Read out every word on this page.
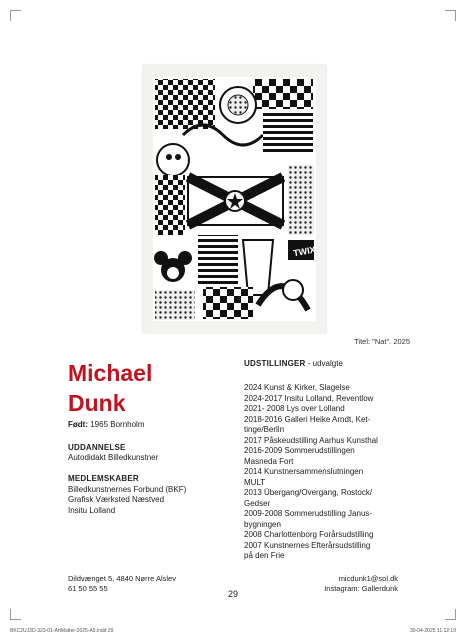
TWIX
Titel: "Nat". 2025
Michael
Dunk
Født: 1965 Bornholm
UDDANNELSE
Autodidakt Billedkunstner
MEDLEMSKABER
Billedkunstnernes Forbund (BKF)
Grafisk Værksted Næstved
Insitu Lolland
UDSTILLINGER - udvalgte
2024 Kunst & Kirker, Slagelse
2024-2017 Insitu Lolland, Reventlow
2021- 2008 Lys over Lolland
2018-2016 Galleri Heike Arndt, Ket-
tinge/Berlin
2017 Påskeudstilling Aarhus Kunsthal
2016-2009 Sommerudstillingen
Masneda Fort
2014 Kunstnersammenslutningen
MULT
2013 Übergang/Overgang, Rostock/
Gedser
2009-2008 Sommerudstilling Janus-
bygningen
2008 Charlottenborg Forårsudstilling
2007 Kunstnernes Efterårsudstilling
på den Frie
Dildvænget 5, 4840 Nørre Alslev
61 50 55 55
micdunk1@sol.dk
Instagram: Gallerdunk
29
BKC2UJ3D-323-01-ArtMatter-2025-A5.indd 29	30-04-2025 11:12:19
